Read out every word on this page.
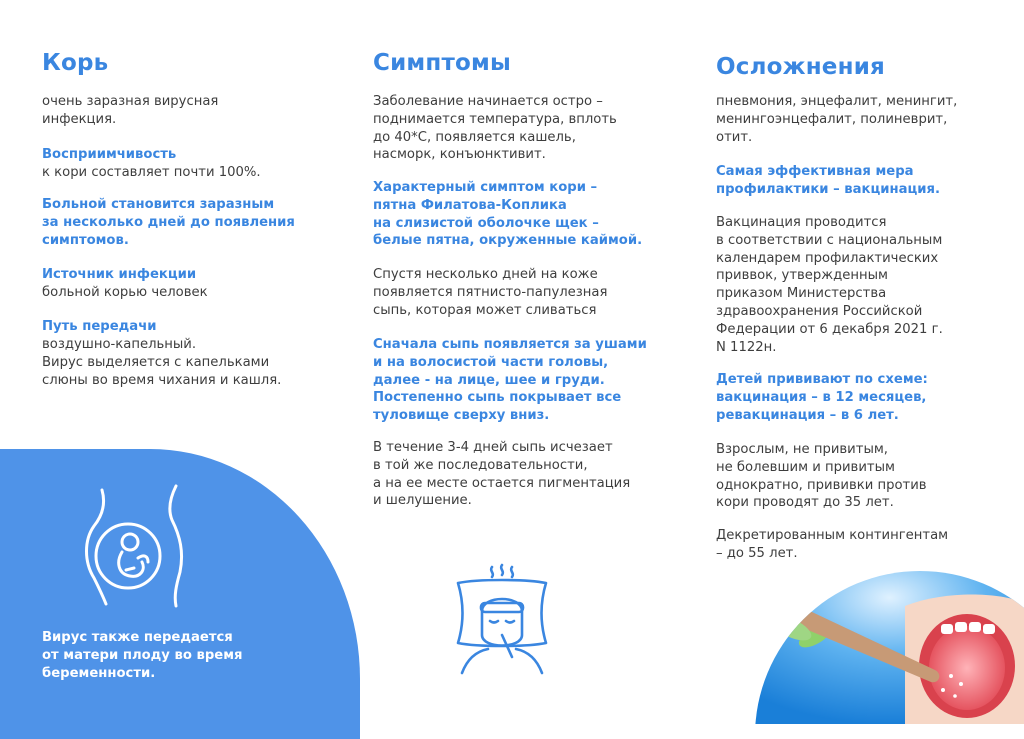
Корь

очень заразная вирусная
инфекция.

Восприимчивость

к кори составляет почти 100%.

Больной становится заразным
за несколько дней до появления
симптомов.

Источник инфекции

больной корью человек

Путь передачи

воздушно-капельный.
Вирус выделяется с капельками
слюны во время чихания и кашля.

Вирус также передается
от матери плоду во время
беременности.
Симптомы

Заболевание начинается остро –
поднимается температура, вплоть
до 40*С, появляется кашель,
насморк, конъюнктивит.

Характерный симптом кори –
пятна Филатова-Коплика
на слизистой оболочке щек –
белые пятна, окруженные каймой.

Спустя несколько дней на коже
появляется пятнисто-папулезная
сыпь, которая может сливаться

Сначала сыпь появляется за ушами
и на волосистой части головы,
далее - на лице, шее и груди.
Постепенно сыпь покрывает все
туловище сверху вниз.

В течение 3-4 дней сыпь исчезает
в той же последовательности,
а на ее месте остается пигментация
и шелушение.

Осложнения

пневмония, энцефалит, менингит,
менингоэнцефалит, полиневрит,
отит.

Самая эффективная мера
профилактики – вакцинация.

Вакцинация проводится
в соответствии с национальным
календарем профилактических
приввок, утвержденным
приказом Министерства
здравоохранения Российской
Федерации от 6 декабря 2021 г.
N 1122н.

Детей прививают по схеме:
вакцинация – в 12 месяцев,
ревакцинация – в 6 лет.

Взрослым, не привитым,
не болевшим и привитым
однократно, прививки против
кори проводят до 35 лет.

Декретированным контингентам
– до 55 лет.
